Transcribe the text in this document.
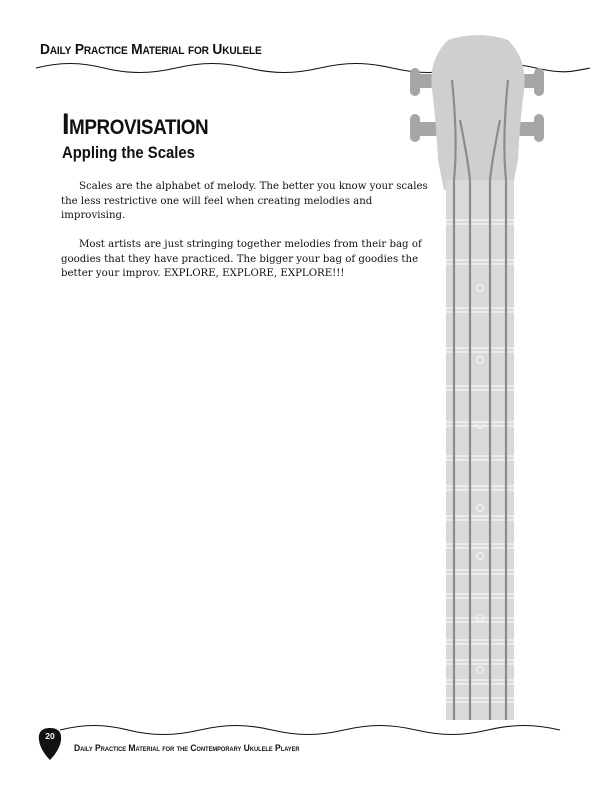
Daily Practice Material for Ukulele
Improvisation
Appling the Scales

Scales are the alphabet of melody. The better you know your scales the less restrictive one will feel when creating melodies and improvising.

Most artists are just stringing together melodies from their bag of goodies that they have practiced. The bigger your bag of goodies the better your improv. EXPLORE, EXPLORE, EXPLORE!!!

20
Daily Practice Material for the Contemporary Ukulele Player
